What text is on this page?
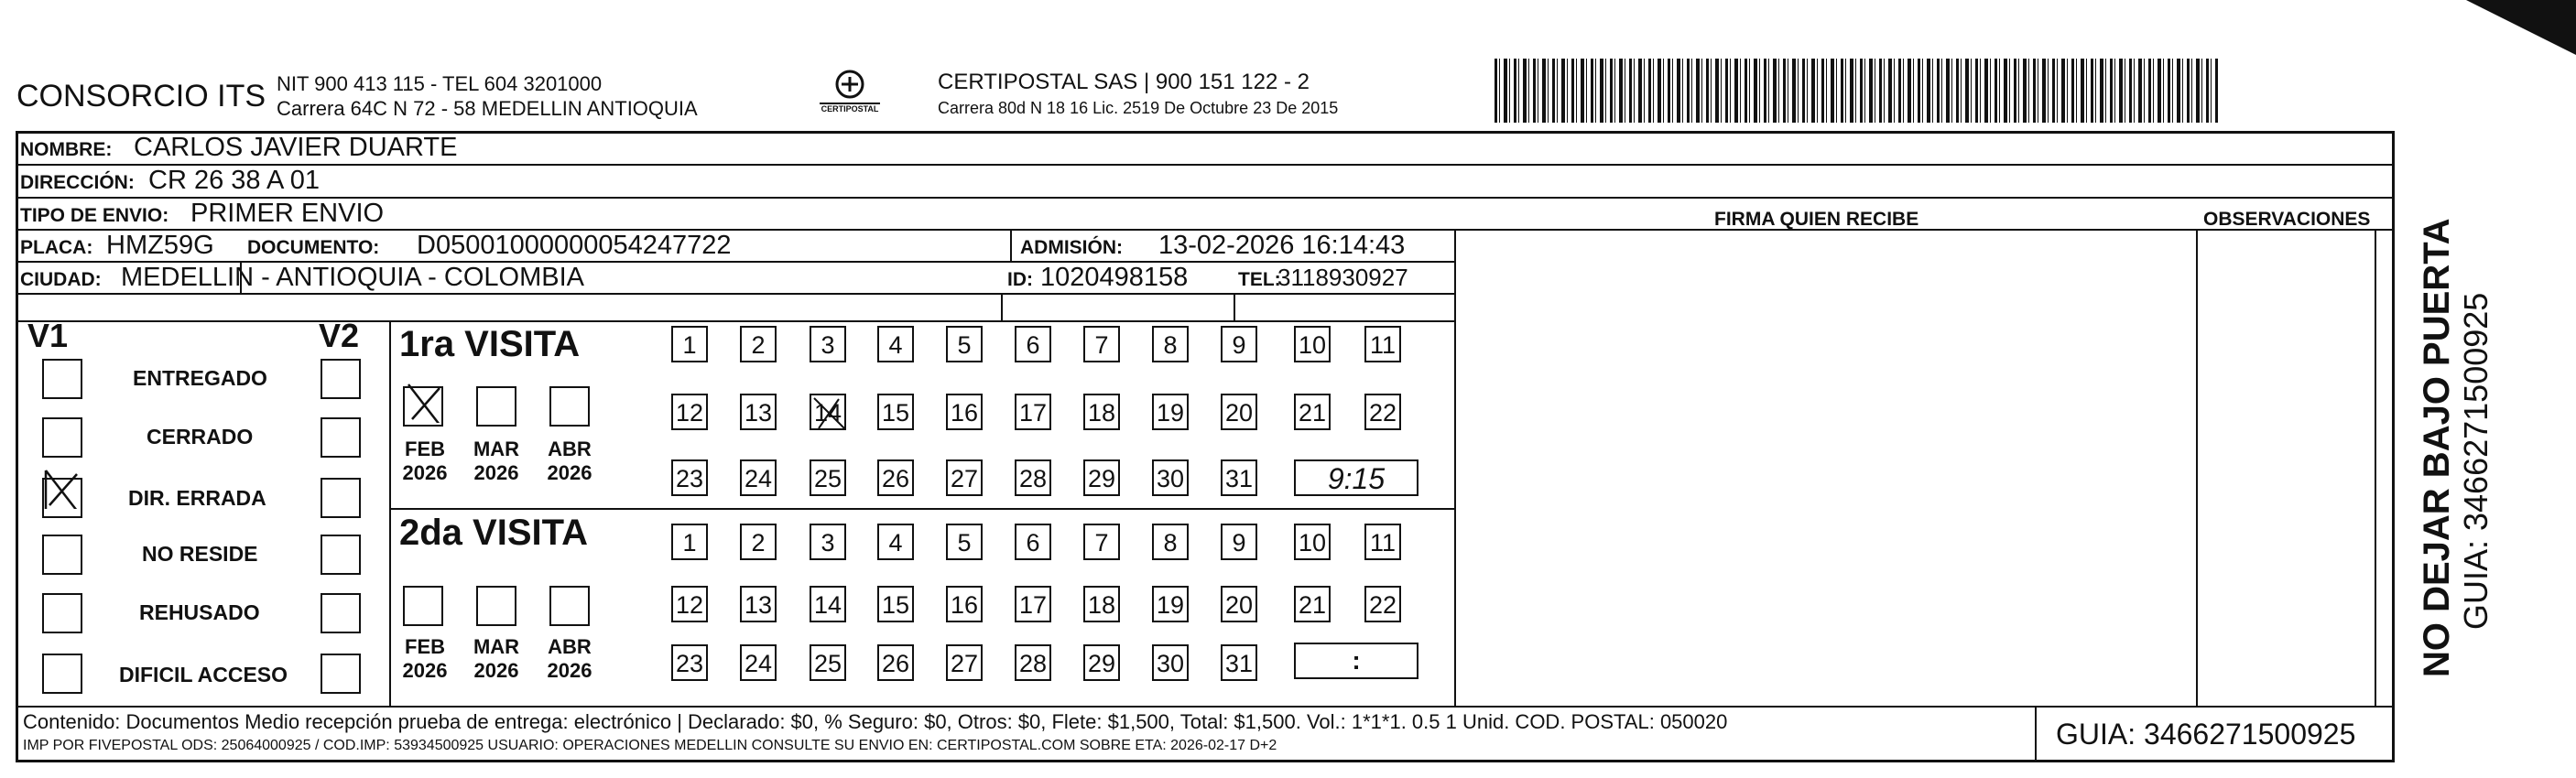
CONSORCIO ITS NIT 900 413 115 - TEL 604 3201000
Carrera 64C N 72 - 58 MEDELLIN ANTIOQUIA	CERTIPOSTAL
CERTIPOSTAL SAS | 900 151 122 - 2
Carrera 80d N 18 16 Lic. 2519 De Octubre 23 De 2015
NOMBRE: CARLOS JAVIER DUARTE
DIRECCIÓN: CR 26 38 A 01
TIPO DE ENVIO: PRIMER ENVIO	FIRMA QUIEN RECIBE	OBSERVACIONES
PLACA: HMZ59G DOCUMENTO: D05001000000054247722	ADMISIÓN: 13-02-2026 16:14:43
CIUDAD: MEDELLIN - ANTIOQUIA - COLOMBIA	ID: 1020498158	TEL:
3118930927
V1	V2
ENTREGADO
CERRADO
DIR. ERRADA
NO RESIDE
REHUSADO
DIFICIL ACCESO
1ra VISITA
FEB
2026
MAR
2026
ABR
2026
2da VISITA
FEB
2026
MAR
2026
ABR
2026
1	2	3	4	5	6	7	8	9	10 11
12 13 14 15 16 17 18 19 20 21 22
23 24 25 26 27 28 29 30 31
1	2	3	4	5	6	7	8	9	10 11
12 13 14 15 16 17 18 19 20 21 22
23 24 25 26 27 28 29 30 31
9:15
:
Contenido: Documentos Medio recepción prueba de entrega: electrónico | Declarado: $0, % Seguro: $0, Otros: $0, Flete: $1,500, Total: $1,500. Vol.: 1*1*1. 0.5 1 Unid. COD. POSTAL: 050020
IMP POR FIVEPOSTAL ODS: 25064000925 / COD.IMP: 53934500925 USUARIO: OPERACIONES MEDELLIN CONSULTE SU ENVIO EN: CERTIPOSTAL.COM SOBRE ETA: 2026-02-17 D+2	GUIA: 3466271500925
NO DEJAR BAJO PUERTA GUIA: 3466271500925
